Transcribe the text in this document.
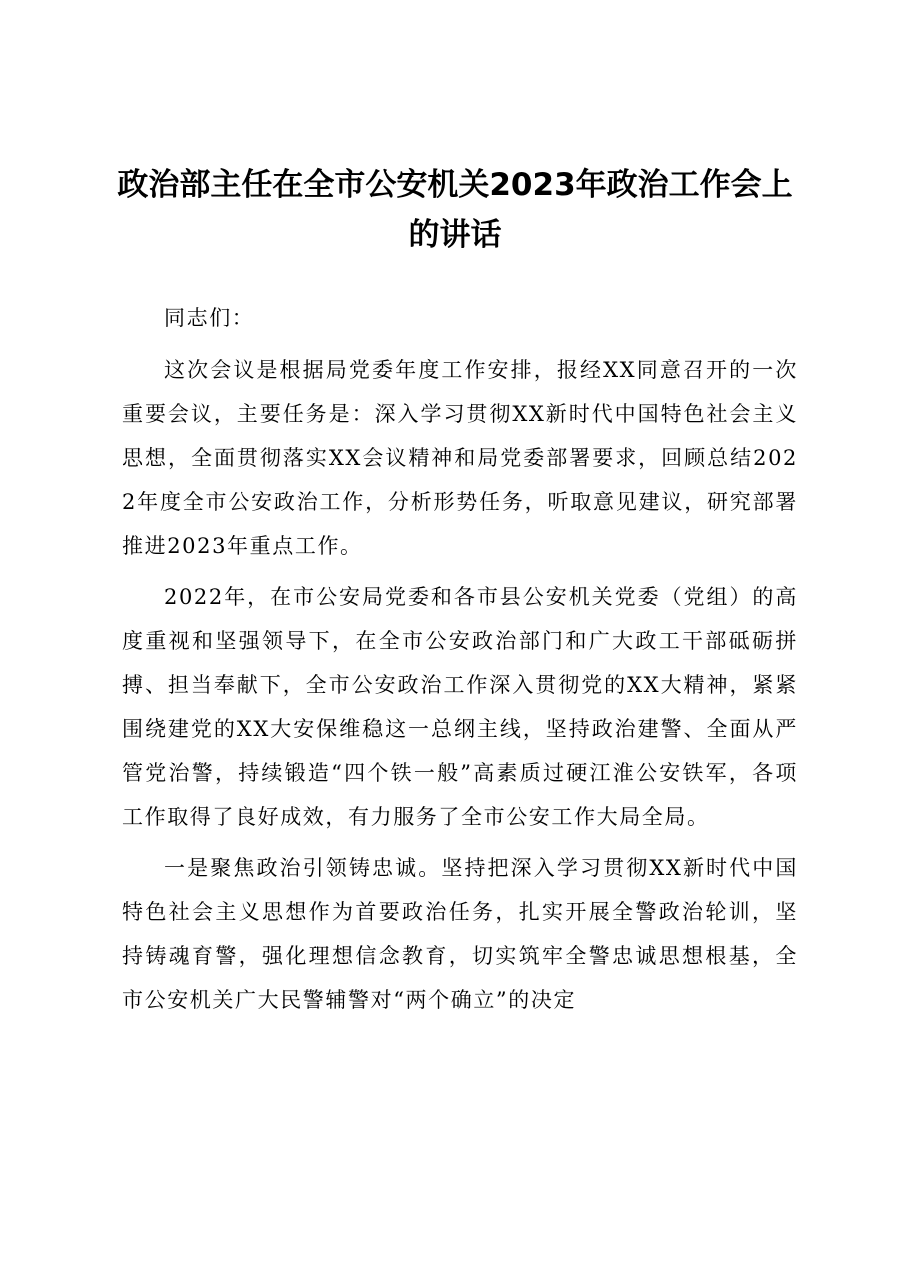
政治部主任在全市公安机关2023年政治工作会上的讲话

同志们：

这次会议是根据局党委年度工作安排，报经XX同意召开的一次重要会议，主要任务是：深入学习贯彻XX新时代中国特色社会主义思想，全面贯彻落实XX会议精神和局党委部署要求，回顾总结2022年度全市公安政治工作，分析形势任务，听取意见建议，研究部署推进2023年重点工作。

2022年，在市公安局党委和各市县公安机关党委（党组）的高度重视和坚强领导下，在全市公安政治部门和广大政工干部砥砺拼搏、担当奉献下，全市公安政治工作深入贯彻党的XX大精神，紧紧围绕建党的XX大安保维稳这一总纲主线，坚持政治建警、全面从严管党治警，持续锻造“四个铁一般”高素质过硬江淮公安铁军，各项工作取得了良好成效，有力服务了全市公安工作大局全局。

一是聚焦政治引领铸忠诚。坚持把深入学习贯彻XX新时代中国特色社会主义思想作为首要政治任务，扎实开展全警政治轮训，坚持铸魂育警，强化理想信念教育，切实筑牢全警忠诚思想根基，全市公安机关广大民警辅警对“两个确立”的决定
